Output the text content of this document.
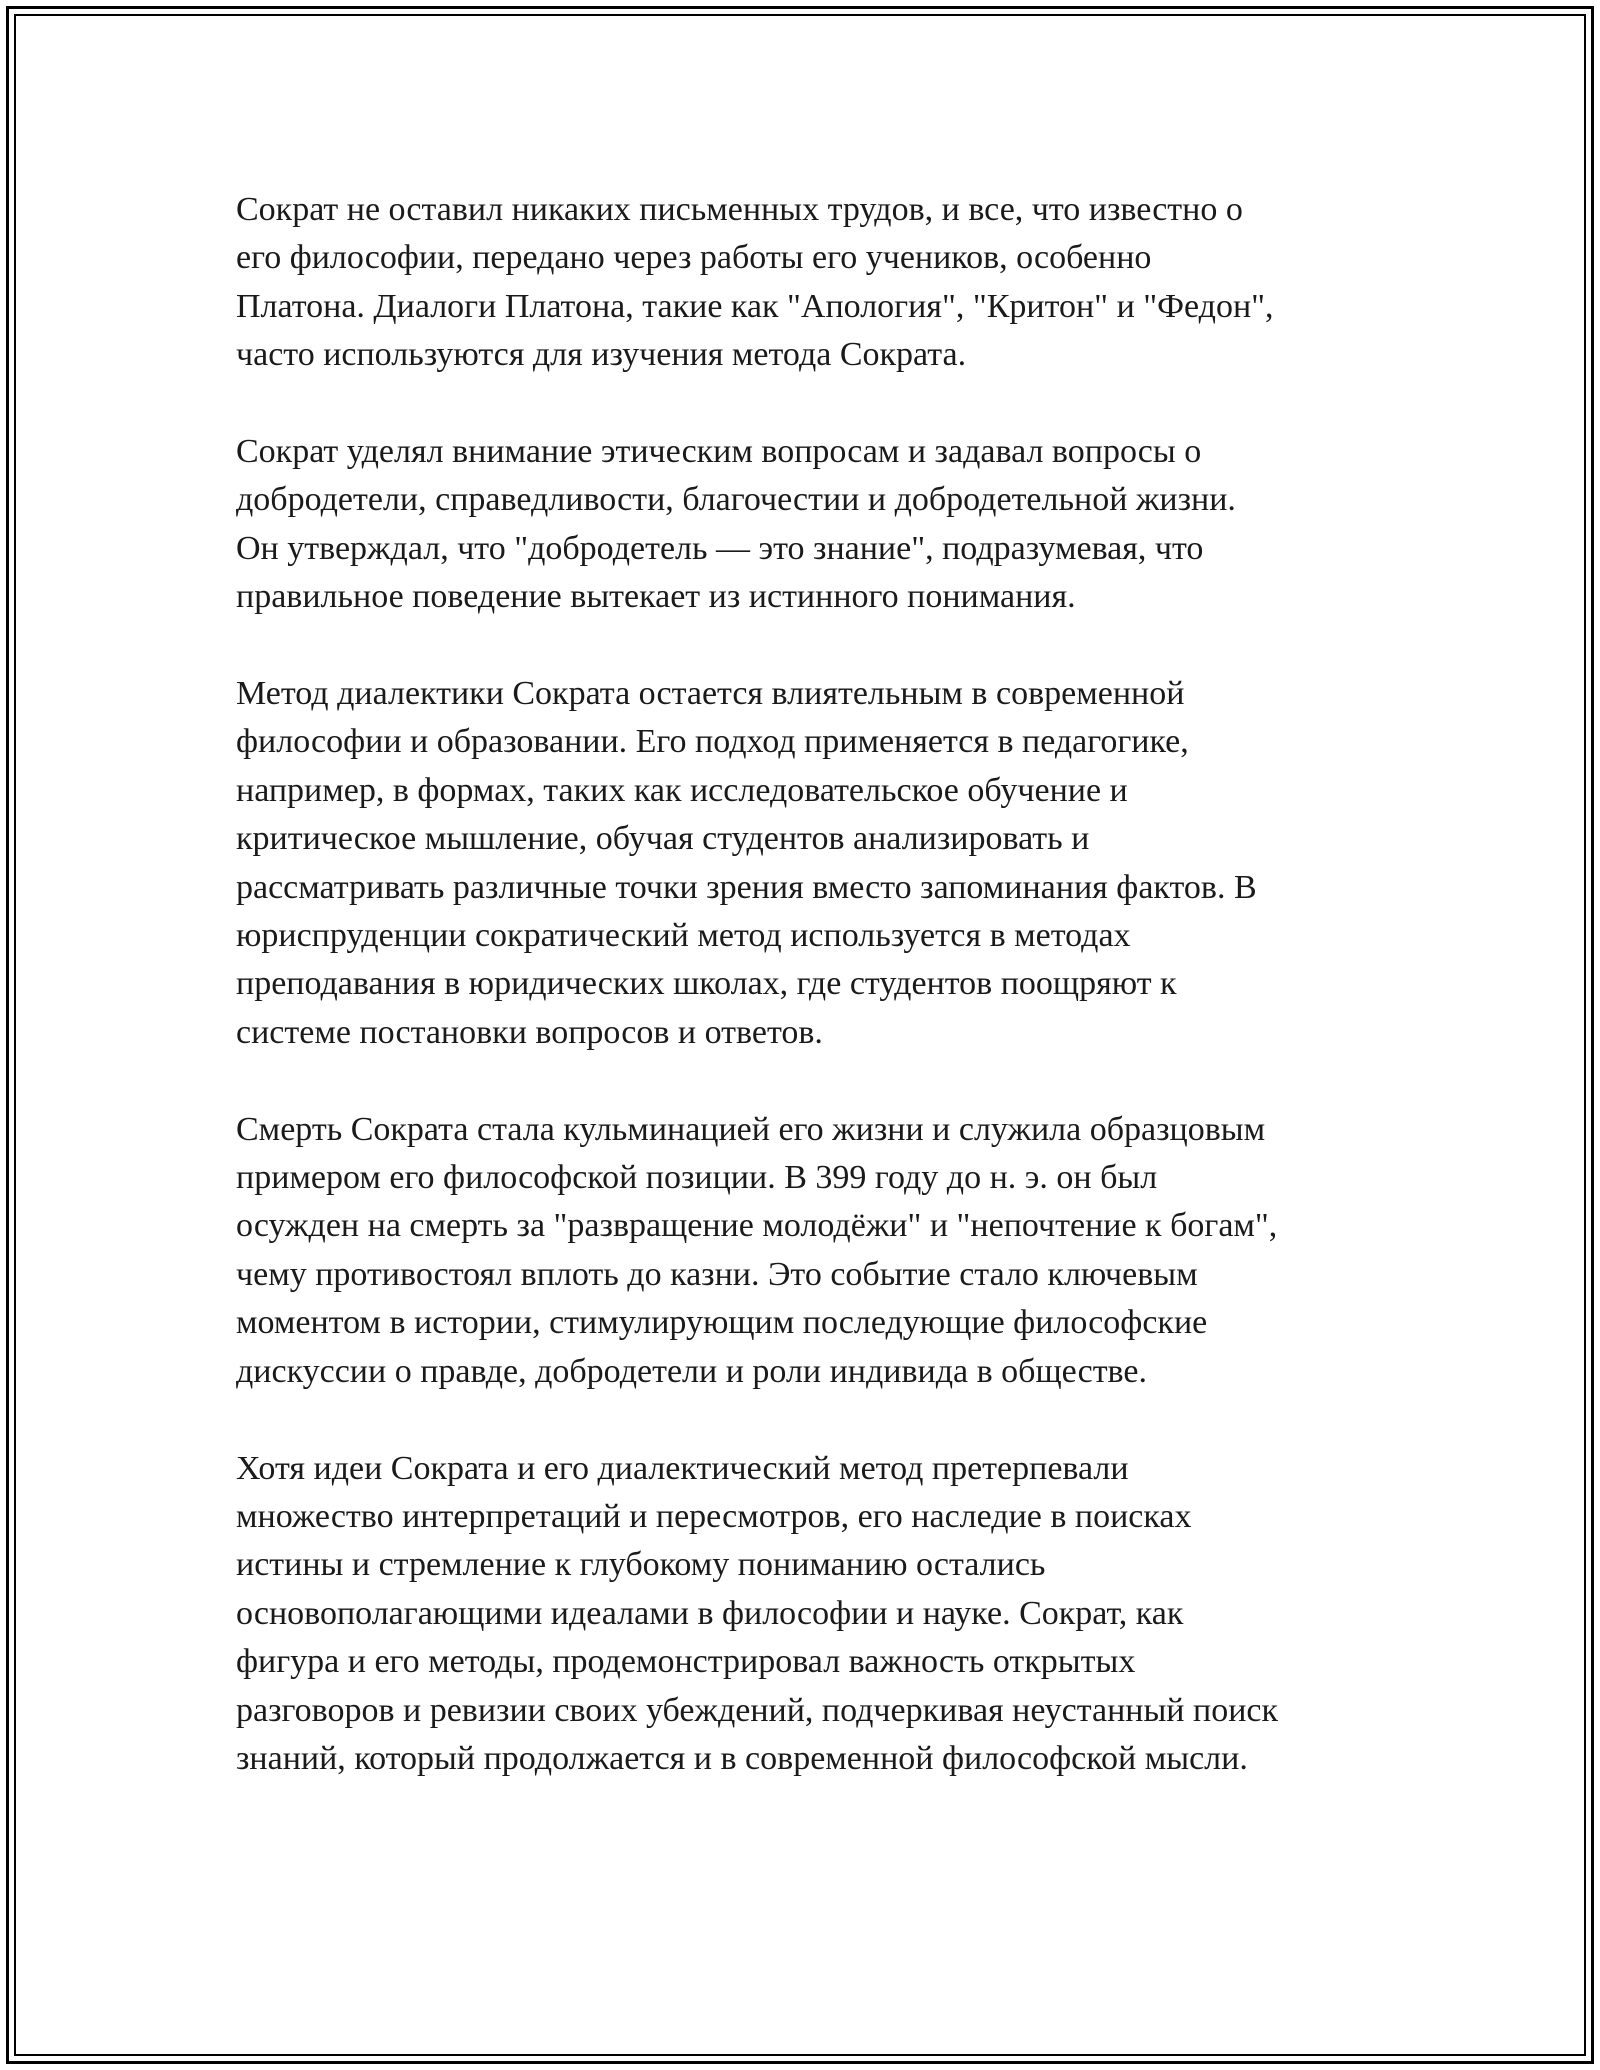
Сократ не оставил никаких письменных трудов, и все, что известно о
его философии, передано через работы его учеников, особенно
Платона. Диалоги Платона, такие как "Апология", "Критон" и "Федон",
часто используются для изучения метода Сократа.

Сократ уделял внимание этическим вопросам и задавал вопросы о
добродетели, справедливости, благочестии и добродетельной жизни.
Он утверждал, что "добродетель — это знание", подразумевая, что
правильное поведение вытекает из истинного понимания.

Метод диалектики Сократа остается влиятельным в современной
философии и образовании. Его подход применяется в педагогике,
например, в формах, таких как исследовательское обучение и
критическое мышление, обучая студентов анализировать и
рассматривать различные точки зрения вместо запоминания фактов. В
юриспруденции сократический метод используется в методах
преподавания в юридических школах, где студентов поощряют к
системе постановки вопросов и ответов.

Смерть Сократа стала кульминацией его жизни и служила образцовым
примером его философской позиции. В 399 году до н. э. он был
осужден на смерть за "развращение молодёжи" и "непочтение к богам",
чему противостоял вплоть до казни. Это событие стало ключевым
моментом в истории, стимулирующим последующие философские
дискуссии о правде, добродетели и роли индивида в обществе.

Хотя идеи Сократа и его диалектический метод претерпевали
множество интерпретаций и пересмотров, его наследие в поисках
истины и стремление к глубокому пониманию остались
основополагающими идеалами в философии и науке. Сократ, как
фигура и его методы, продемонстрировал важность открытых
разговоров и ревизии своих убеждений, подчеркивая неустанный поиск
знаний, который продолжается и в современной философской мысли.
